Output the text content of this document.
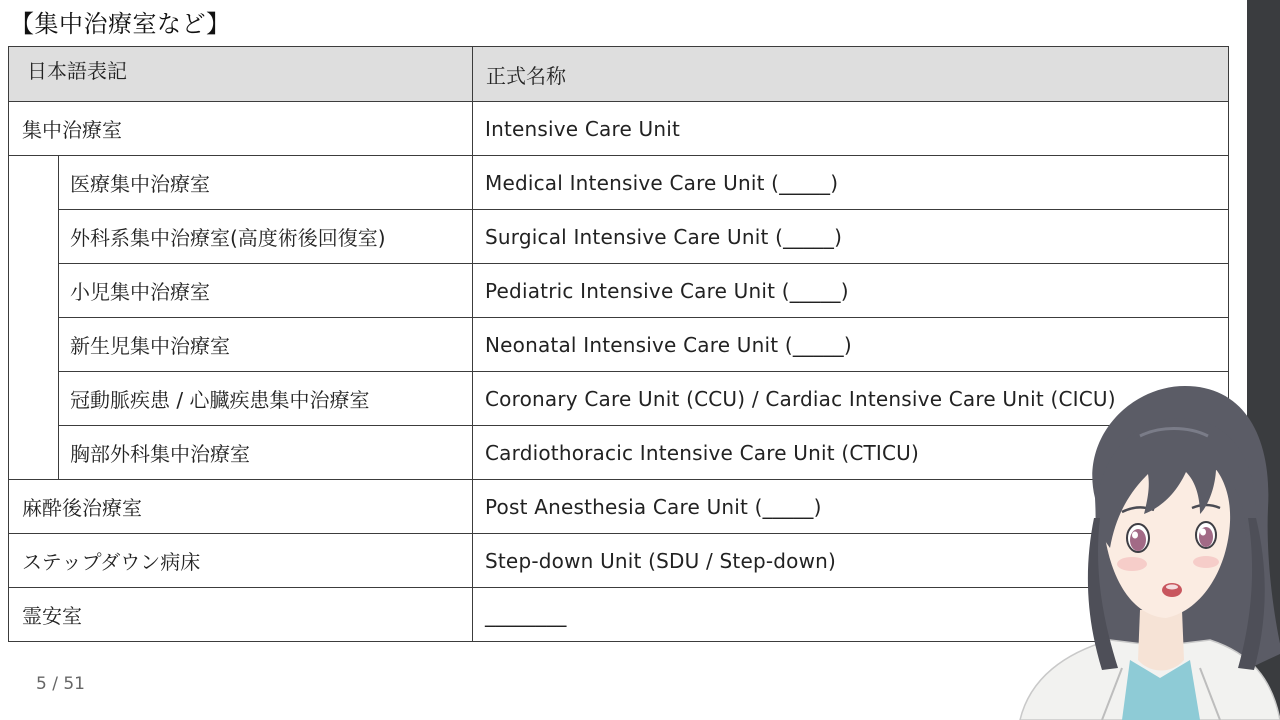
【集中治療室など】
日本語表記		正式名称
集中治療室		Intensive Care Unit
	医療集中治療室	Medical Intensive Care Unit (_____)
	外科系集中治療室(高度術後回復室)	Surgical Intensive Care Unit (_____)
	小児集中治療室	Pediatric Intensive Care Unit (_____)
	新生児集中治療室	Neonatal Intensive Care Unit (_____)
	冠動脈疾患 / 心臓疾患集中治療室	Coronary Care Unit (CCU) / Cardiac Intensive Care Unit (CICU)
	胸部外科集中治療室	Cardiothoracic Intensive Care Unit (CTICU)
麻酔後治療室		Post Anesthesia Care Unit (_____)
ステップダウン病床		Step-down Unit (SDU / Step-down)
霊安室		________
5 / 51
